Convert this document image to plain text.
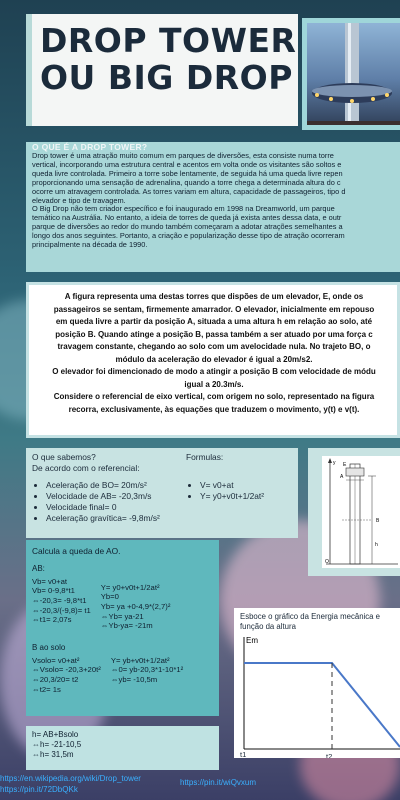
DROP TOWER
OU BIG DROP
O QUE É A DROP TOWER?

Drop tower é uma atração muito comum em parques de diversões, esta consiste numa torre

vertical, incorporando uma estrutura central e acentos em volta onde os visitantes são soltos e

queda livre controlada. Primeiro a torre sobe lentamente, de seguida há uma queda livre repen

proporcionando uma sensação de adrenalina, quando a torre chega a determinada altura do c

ocorre um atravagem controlada. As torres variam em altura, capacidade de passageiros, tipo d

elevador e tipo de travagem.

O Big Drop não tem criador específico e foi inaugurado em 1998 na Dreamworld, um parque

temático na Austrália. No entanto, a ideia de torres de queda já exista antes dessa data, e outr

parque de diversões ao redor do mundo também começaram a adotar atrações semelhantes a

longo dos anos seguintes. Portanto, a criação e popularização desse tipo de atração ocorreram

principalmente na década de 1990.

A figura representa uma destas torres que dispões de um elevador, E, onde os

passageiros se sentam, firmemente amarrador. O elevador, inicialmente em repouso

em queda livre a partir da posição A, situada a uma altura h em relação ao solo, até

posição B. Quando atinge a posição B, passa também a ser atuado por uma força c

travagem constante, chegando ao solo com um avelocidade nula. No trajeto BO, o

módulo da aceleração do elevador é igual a 20m/s2.

O elevador foi dimencionado de modo a atingir a posição B com velocidade de módu

igual a 20.3m/s.

Considere o referencial de eixo vertical, com origem no solo, representado na figura

recorra, exclusivamente, às equações que traduzem o movimento, y(t) e v(t).

O que sabemos?
De acordo com o referencial:
• Aceleração de BO= 20m/s²
• Velocidade de AB= -20,3m/s
• Velocidade final= 0
• Aceleração gravítica= -9,8m/s²
Formulas:
• V= v0+at
• Y= y0+v0t+1/2at²
y E
A
B
h
O
Calcula a queda de AO.
AB:
Vb= v0+at
Vb= 0-9,8*t1
⇔-20,3= -9,8*t1
⇔-20,3/(-9,8)= t1
⇔t1= 2,07s
Y= y0+v0t+1/2at²
Yb=0
Yb= ya +0-4,9*(2,7)²
⇔Yb= ya-21
⇔Yb-ya= -21m
B ao solo
Vsolo= v0+at²
⇔Vsolo= -20,3+20t²
⇔20,3/20= t2
⇔t2= 1s
Y= yb+v0t+1/2at²
⇔0= yb-20,3*1-10*1²
⇔yb= -10,5m
Esboce o gráfico da Energia mecânica e
função da altura
Em
t1	t2
h= AB+Bsolo
⇔h= -21-10,5
⇔h= 31,5m
https://en.wikipedia.org/wiki/Drop_tower	https://pin.it/wiQvxum
https://pin.it/72DbQKk
